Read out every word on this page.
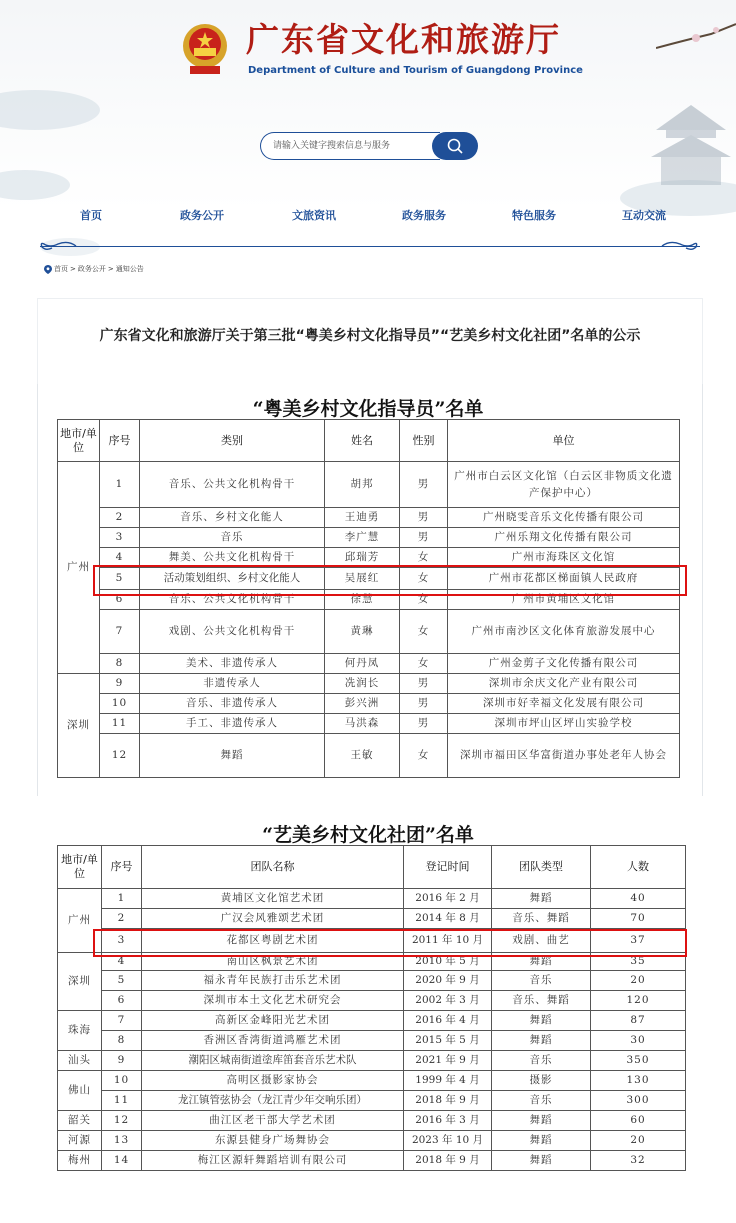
广东省文化和旅游厅
Department of Culture and Tourism of Guangdong Province
请输入关键字搜索信息与服务
首页	政务公开	文旅资讯	政务服务	特色服务	互动交流
首页 > 政务公开 > 通知公告
广东省文化和旅游厅关于第三批“粤美乡村文化指导员”“艺美乡村文化社团”名单的公示
“粤美乡村文化指导员”名单
地市/单位	序号	类别	姓名	性别	单位
广州	1	音乐、公共文化机构骨干	胡邦	男	广州市白云区文化馆（白云区非物质文化遗产保护中心）
	2	音乐、乡村文化能人	王迪勇	男	广州晓雯音乐文化传播有限公司
	3	音乐	李广慧	男	广州乐翔文化传播有限公司
	4	舞美、公共文化机构骨干	邱瑞芳	女	广州市海珠区文化馆
	5	活动策划组织、乡村文化能人	吴展红	女	广州市花都区梯面镇人民政府
	6	音乐、公共文化机构骨干	徐慧	女	广州市黄埔区文化馆
	7	戏剧、公共文化机构骨干	黄琳	女	广州市南沙区文化体育旅游发展中心
	8	美术、非遗传承人	何丹凤	女	广州金剪子文化传播有限公司
深圳	9	非遗传承人	冼润长	男	深圳市余庆文化产业有限公司
	10	音乐、非遗传承人	彭兴洲	男	深圳市好幸福文化发展有限公司
	11	手工、非遗传承人	马洪森	男	深圳市坪山区坪山实验学校
	12	舞蹈	王敏	女	深圳市福田区华富街道办事处老年人协会
“艺美乡村文化社团”名单
地市/单位	序号	团队名称	登记时间	团队类型	人数
广州	1	黄埔区文化馆艺术团	2016 年 2 月	舞蹈	40
	2	广汉会风雅颂艺术团	2014 年 8 月	音乐、舞蹈	70
	3	花都区粤剧艺术团	2011 年 10 月	戏剧、曲艺	37
深圳	4	南山区枫景艺术团	2010 年 5 月	舞蹈	35
	5	福永青年民族打击乐艺术团	2020 年 9 月	音乐	20
	6	深圳市本土文化艺术研究会	2002 年 3 月	音乐、舞蹈	120
珠海	7	高新区金峰阳光艺术团	2016 年 4 月	舞蹈	87
	8	香洲区香湾街道鸿雁艺术团	2015 年 5 月	舞蹈	30
汕头	9	潮阳区城南街道塗库笛套音乐艺术队	2021 年 9 月	音乐	350
佛山	10	高明区摄影家协会	1999 年 4 月	摄影	130
	11	龙江镇管弦协会（龙江青少年交响乐团）	2018 年 9 月	音乐	300
韶关	12	曲江区老干部大学艺术团	2016 年 3 月	舞蹈	60
河源	13	东源县健身广场舞协会	2023 年 10 月	舞蹈	20
梅州	14	梅江区源轩舞蹈培训有限公司	2018 年 9 月	舞蹈	32
